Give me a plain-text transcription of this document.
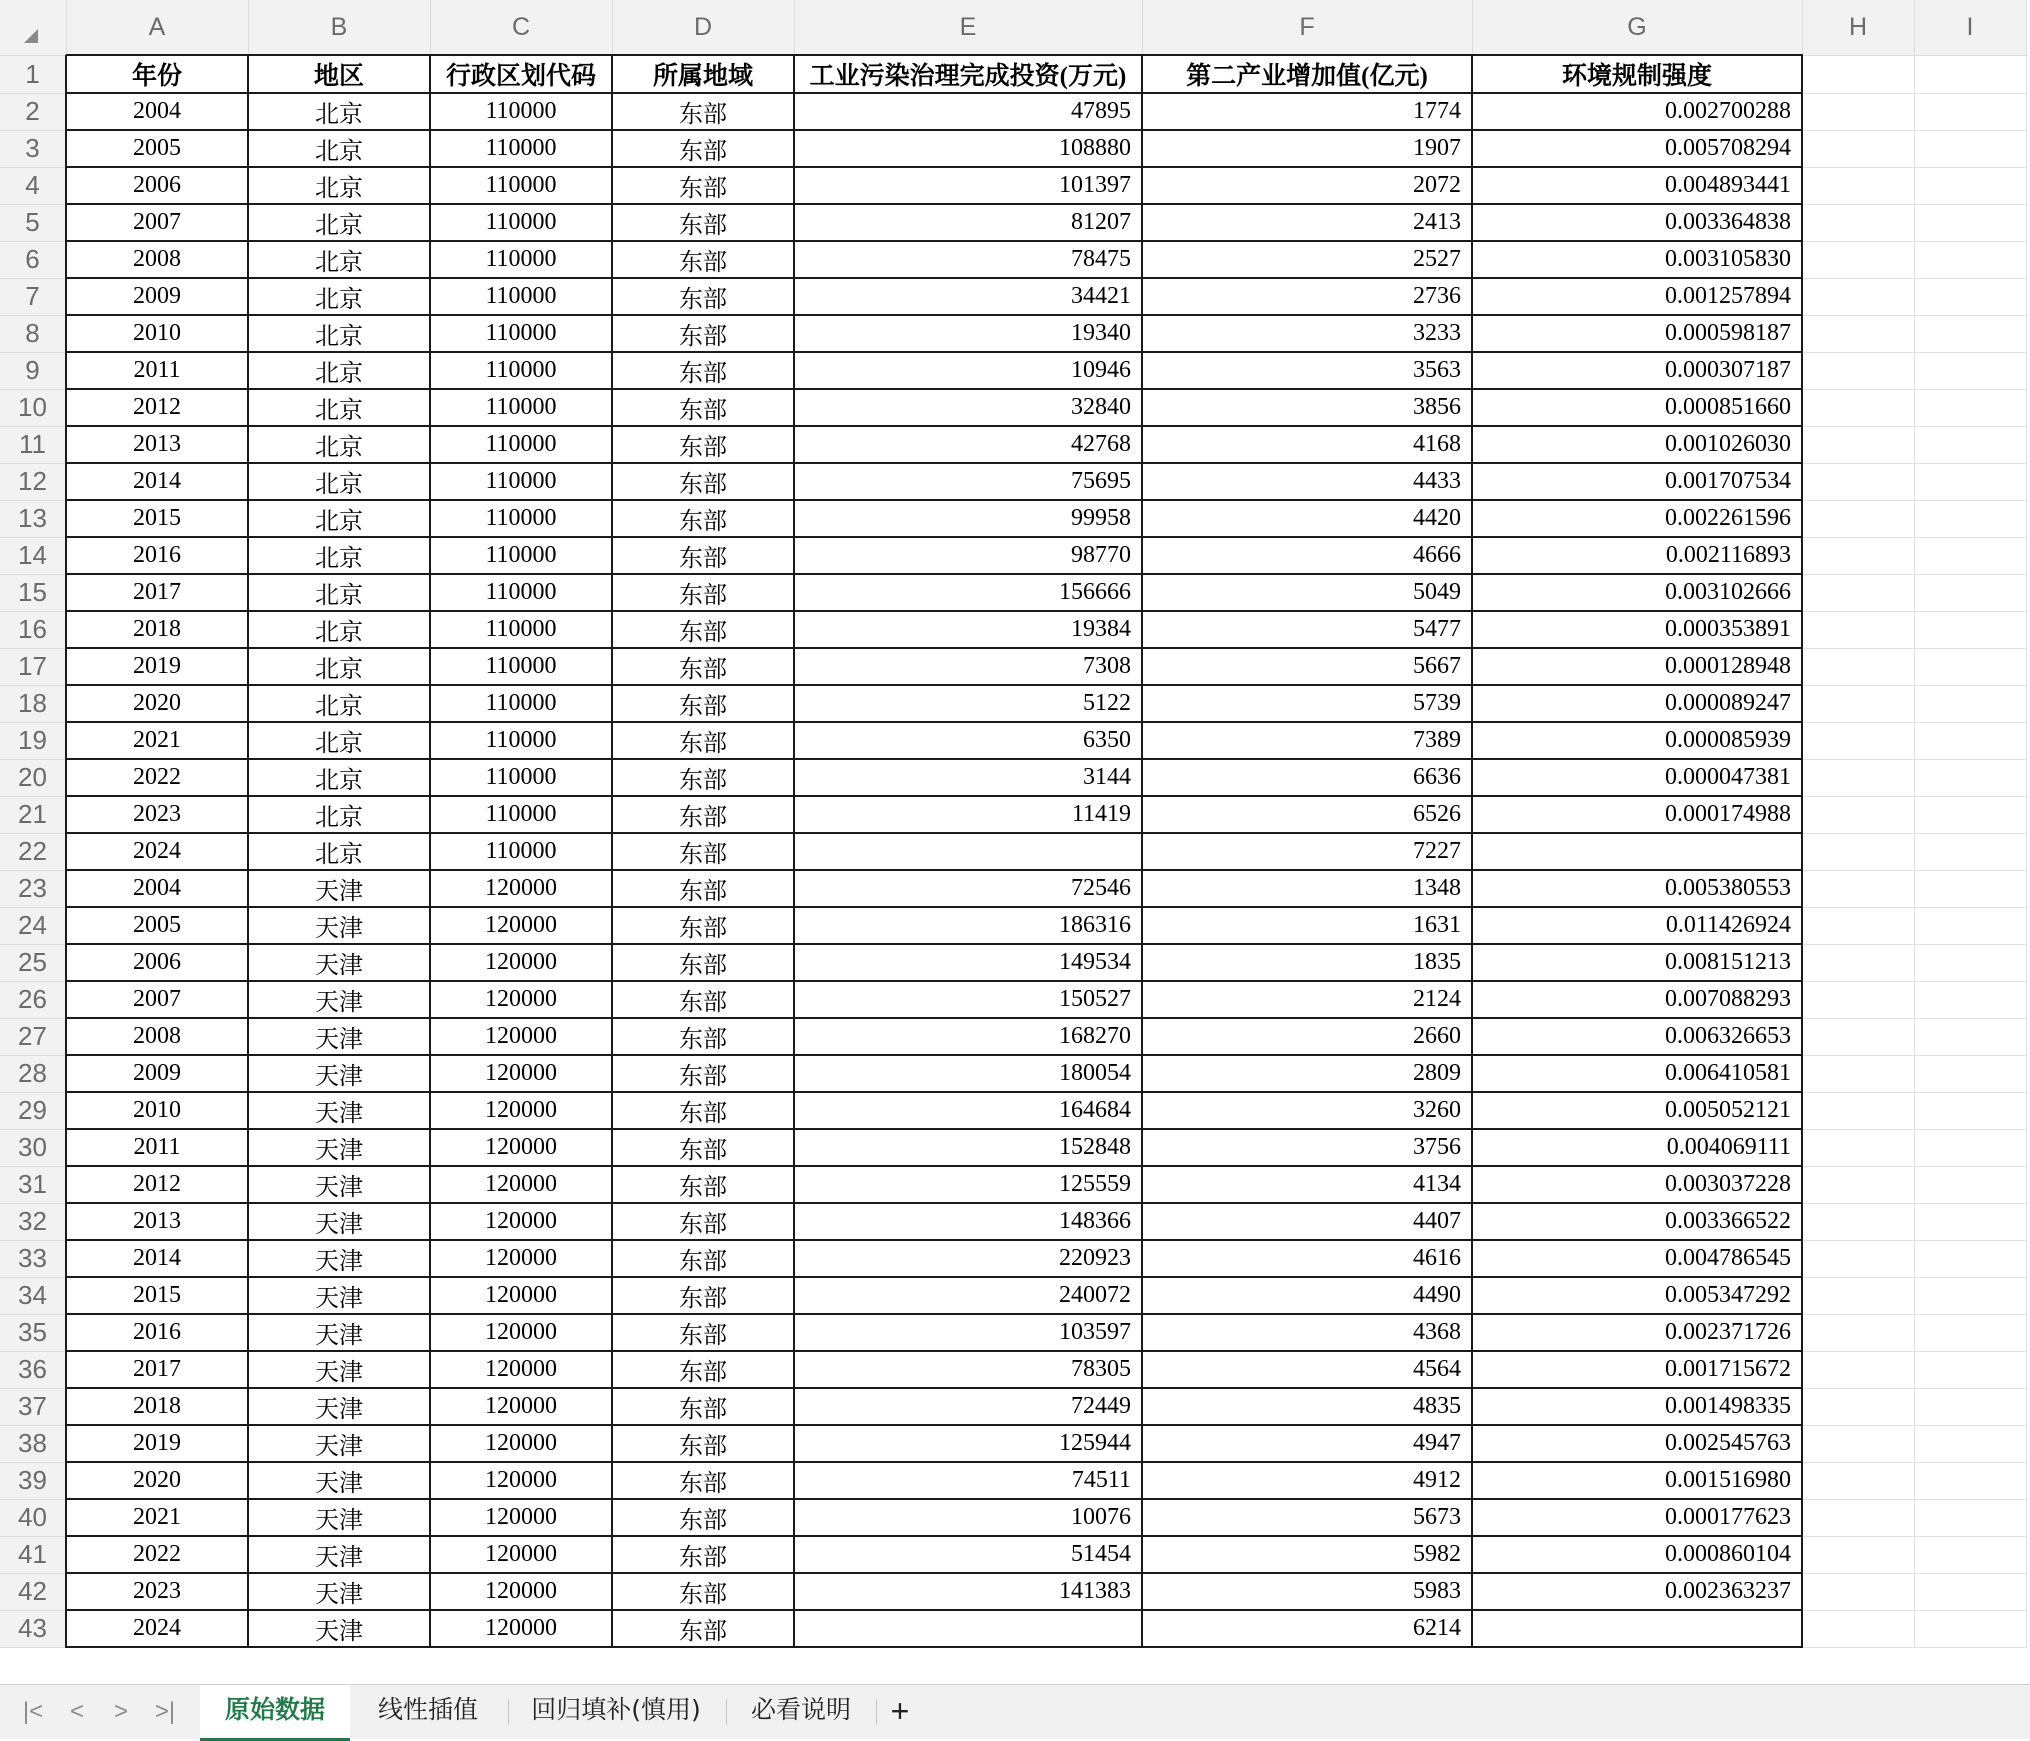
	A	B	C	D	E	F	G	H	I
1	年份	地区	行政区划代码	所属地域	工业污染治理完成投资(万元)	第二产业增加值(亿元)	环境规制强度		
2	2004	北京	110000	东部	47895	1774	0.002700288		
3	2005	北京	110000	东部	108880	1907	0.005708294		
4	2006	北京	110000	东部	101397	2072	0.004893441		
5	2007	北京	110000	东部	81207	2413	0.003364838		
6	2008	北京	110000	东部	78475	2527	0.003105830		
7	2009	北京	110000	东部	34421	2736	0.001257894		
8	2010	北京	110000	东部	19340	3233	0.000598187		
9	2011	北京	110000	东部	10946	3563	0.000307187		
10	2012	北京	110000	东部	32840	3856	0.000851660		
11	2013	北京	110000	东部	42768	4168	0.001026030		
12	2014	北京	110000	东部	75695	4433	0.001707534		
13	2015	北京	110000	东部	99958	4420	0.002261596		
14	2016	北京	110000	东部	98770	4666	0.002116893		
15	2017	北京	110000	东部	156666	5049	0.003102666		
16	2018	北京	110000	东部	19384	5477	0.000353891		
17	2019	北京	110000	东部	7308	5667	0.000128948		
18	2020	北京	110000	东部	5122	5739	0.000089247		
19	2021	北京	110000	东部	6350	7389	0.000085939		
20	2022	北京	110000	东部	3144	6636	0.000047381		
21	2023	北京	110000	东部	11419	6526	0.000174988		
22	2024	北京	110000	东部		7227			
23	2004	天津	120000	东部	72546	1348	0.005380553		
24	2005	天津	120000	东部	186316	1631	0.011426924		
25	2006	天津	120000	东部	149534	1835	0.008151213		
26	2007	天津	120000	东部	150527	2124	0.007088293		
27	2008	天津	120000	东部	168270	2660	0.006326653		
28	2009	天津	120000	东部	180054	2809	0.006410581		
29	2010	天津	120000	东部	164684	3260	0.005052121		
30	2011	天津	120000	东部	152848	3756	0.004069111		
31	2012	天津	120000	东部	125559	4134	0.003037228		
32	2013	天津	120000	东部	148366	4407	0.003366522		
33	2014	天津	120000	东部	220923	4616	0.004786545		
34	2015	天津	120000	东部	240072	4490	0.005347292		
35	2016	天津	120000	东部	103597	4368	0.002371726		
36	2017	天津	120000	东部	78305	4564	0.001715672		
37	2018	天津	120000	东部	72449	4835	0.001498335		
38	2019	天津	120000	东部	125944	4947	0.002545763		
39	2020	天津	120000	东部	74511	4912	0.001516980		
40	2021	天津	120000	东部	10076	5673	0.000177623		
41	2022	天津	120000	东部	51454	5982	0.000860104		
42	2023	天津	120000	东部	141383	5983	0.002363237		
43	2024	天津	120000	东部		6214			
|<	<	>	>|	原始数据	线性插值	回归填补(慎用)	必看说明	+
